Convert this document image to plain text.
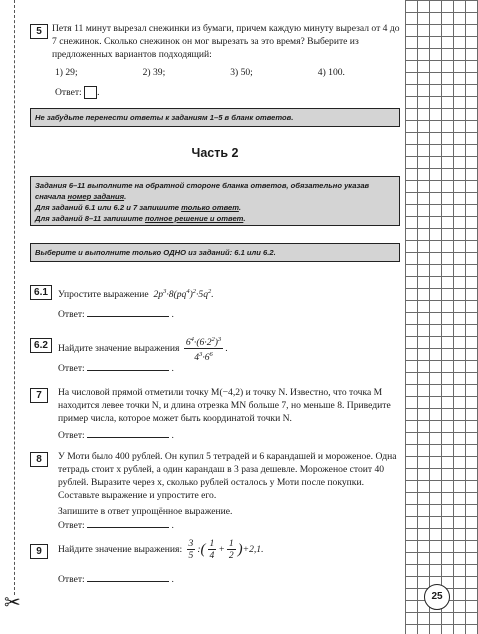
✂
5	Петя 11 минут вырезал снежинки из бумаги, причем каждую минуту вырезал от 4 до 7 снежинок. Сколько снежинок он мог вырезать за это время? Выберите из предложенных вариантов подходящий:
1) 29;	2) 39;	3) 50;	4) 100.
Ответ: .
Не забудьте перенести ответы к заданиям 1–5 в бланк ответов.
Часть 2
Задания 6–11 выполните на обратной стороне бланка ответов, обязательно указав сначала номер задания.
Для заданий 6.1 или 6.2 и 7 запишите только ответ.
Для заданий 8–11 запишите полное решение и ответ.
Выберите и выполните только ОДНО из заданий: 6.1 или 6.2.
6.1	Упростите выражение  $2p^3\cdot 8(pq^4)^2\cdot 5q^2$.
Ответ:	.
6.2	Найдите значение выражения $\frac{6^4\cdot(6\cdot 2^2)^3}{4^3\cdot 6^6}$ .
Ответ:	.
7	На числовой прямой отметили точку M(−4,2) и точку N. Известно, что точка M находится левее точки N, и длина отрезка MN больше 7, но меньше 8. Приведите пример числа, которое может быть координатой точки N.
Ответ:	.
8	У Моти было 400 рублей. Он купил 5 тетрадей и 6 карандашей и мороженое. Одна тетрадь стоит x рублей, а один карандаш в 3 раза дешевле. Мороженое стоит 40 рублей. Выразите через x, сколько рублей осталось у Моти после покупки. Составьте выражение и упростите его.
Запишите в ответ упрощённое выражение.
Ответ:	.
9	Найдите значение выражения: $\frac{3}{5}$ :( $\frac{1}{4} + \frac{1}{2} )+2,1$.
Ответ:	.
25
